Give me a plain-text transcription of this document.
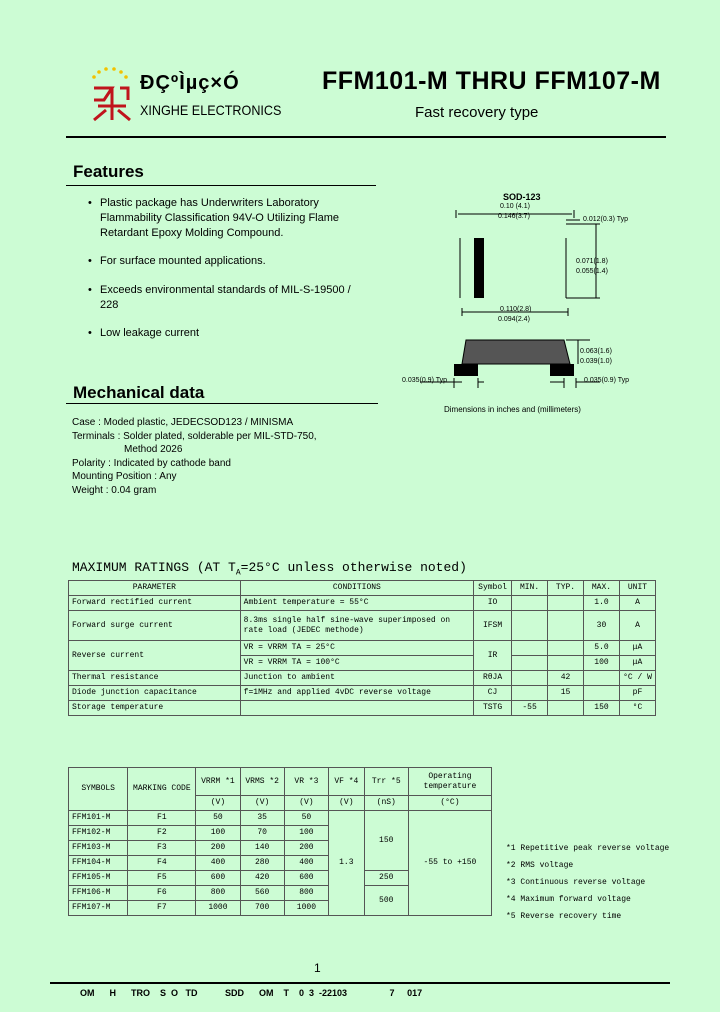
ÐÇºÌµç×Ó
XINGHE ELECTRONICS
FFM101-M THRU FFM107-M
Fast recovery type
Features
• Plastic package has Underwriters Laboratory Flammability Classification 94V-O Utilizing Flame Retardant Epoxy Molding Compound.
• For surface mounted applications.
• Exceeds environmental standards of MIL-S-19500 / 228
• Low leakage current
SOD-123
0.10 (4.1)
0.146(3.7)	0.012(0.3) Typ
0.071(1.8)
0.055(1.4)
0.110(2.8)
0.094(2.4)
0.063(1.6)
0.039(1.0)
0.035(0.9) Typ	0.035(0.9) Typ
Dimensions in inches and (millimeters)
Mechanical data
Case : Moded plastic, JEDECSOD123 / MINISMA
Terminals : Solder plated, solderable per MIL-STD-750,
Method 2026
Polarity : Indicated by cathode band
Mounting Position : Any
Weight : 0.04 gram
MAXIMUM RATINGS (AT $T_A=25^\circ C$ unless otherwise noted)
PARAMETER	CONDITIONS	Symbol	MIN.	TYP.	MAX.	UNIT
Forward rectified current	Ambient temperature = 55°C	IO			1.0	A
Forward surge current	8.3ms single half sine-wave superimposed on rate load (JEDEC methode)	IFSM			30	A
Reverse current	VR = VRRM TA = 25°C	IR			5.0	μA
	VR = VRRM TA = 100°C				100	μA
Thermal resistance	Junction to ambient	RθJA		42		°C / W
Diode junction capacitance	f=1MHz and applied 4vDC reverse voltage	CJ		15		pF
Storage temperature		TSTG	-55		150	°C
SYMBOLS	MARKING CODE	VRRM *1	VRMS *2	VR *3	VF *4	Trr *5	Operating temperature
		(V)	(V)	(V)	(V)	(nS)	(°C)
FFM101-M	F1	50	35	50	1.3	150	-55 to +150
FFM102-M	F2	100	70	100			
FFM103-M	F3	200	140	200			
FFM104-M	F4	400	280	400			
FFM105-M	F5	600	420	600		250	
FFM106-M	F6	800	560	800		500	
FFM107-M	F7	1000	700	1000			
*1 Repetitive peak reverse voltage
*2 RMS voltage
*3 Continuous reverse voltage
*4 Maximum forward voltage
*5 Reverse recovery time
1
OM      H      TRO    S  O   TD           SDD      OM    T    0  3  -22103                 7     017
